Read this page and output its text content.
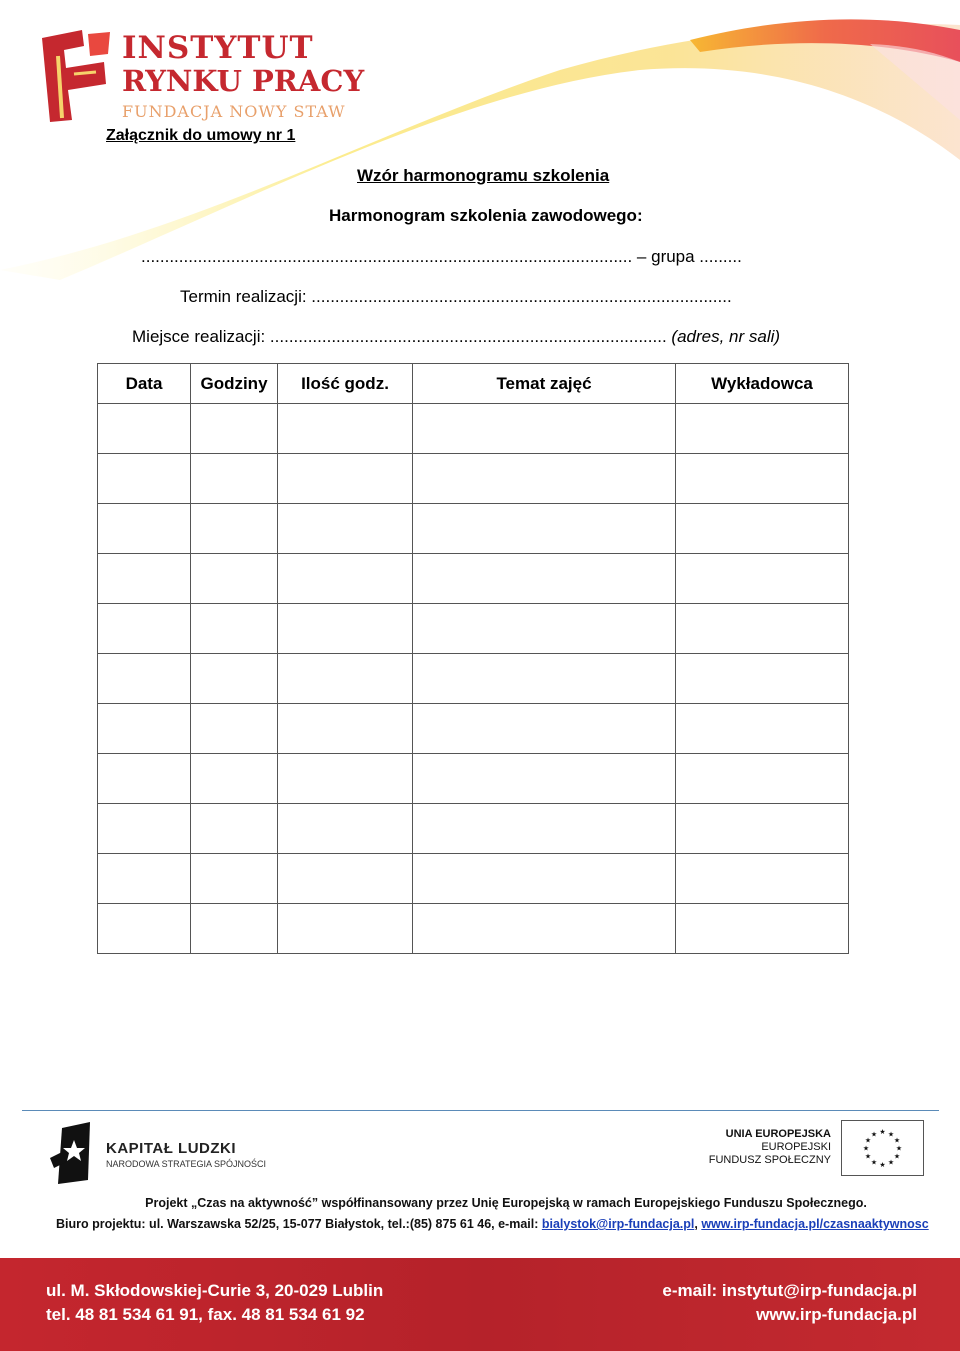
INSTYTUT
RYNKU PRACY
FUNDACJA NOWY STAW
Załącznik do umowy nr 1
Wzór harmonogramu szkolenia
Harmonogram szkolenia zawodowego:
........................................................................................................ – grupa .........
Termin realizacji: .........................................................................................
Miejsce realizacji: .................................................................................... (adres, nr sali)
Data	Godziny	Ilość godz.	Temat zajęć	Wykładowca

KAPITAŁ LUDZKI
NARODOWA STRATEGIA SPÓJNOŚCI
UNIA EUROPEJSKA
EUROPEJSKI
FUNDUSZ SPOŁECZNY
★ ★
★
★
★
★
★
★
★
★
★
★
Projekt „Czas na aktywność” współfinansowany przez Unię Europejską w ramach Europejskiego Funduszu Społecznego.
Biuro projektu: ul. Warszawska 52/25, 15-077 Białystok, tel.:(85) 875 61 46, e-mail: bialystok@irp-fundacja.pl, www.irp-fundacja.pl/czasnaaktywnosc
ul. M. Skłodowskiej-Curie 3, 20-029 Lublin
tel. 48 81 534 61 91, fax. 48 81 534 61 92
e-mail: instytut@irp-fundacja.pl
www.irp-fundacja.pl
